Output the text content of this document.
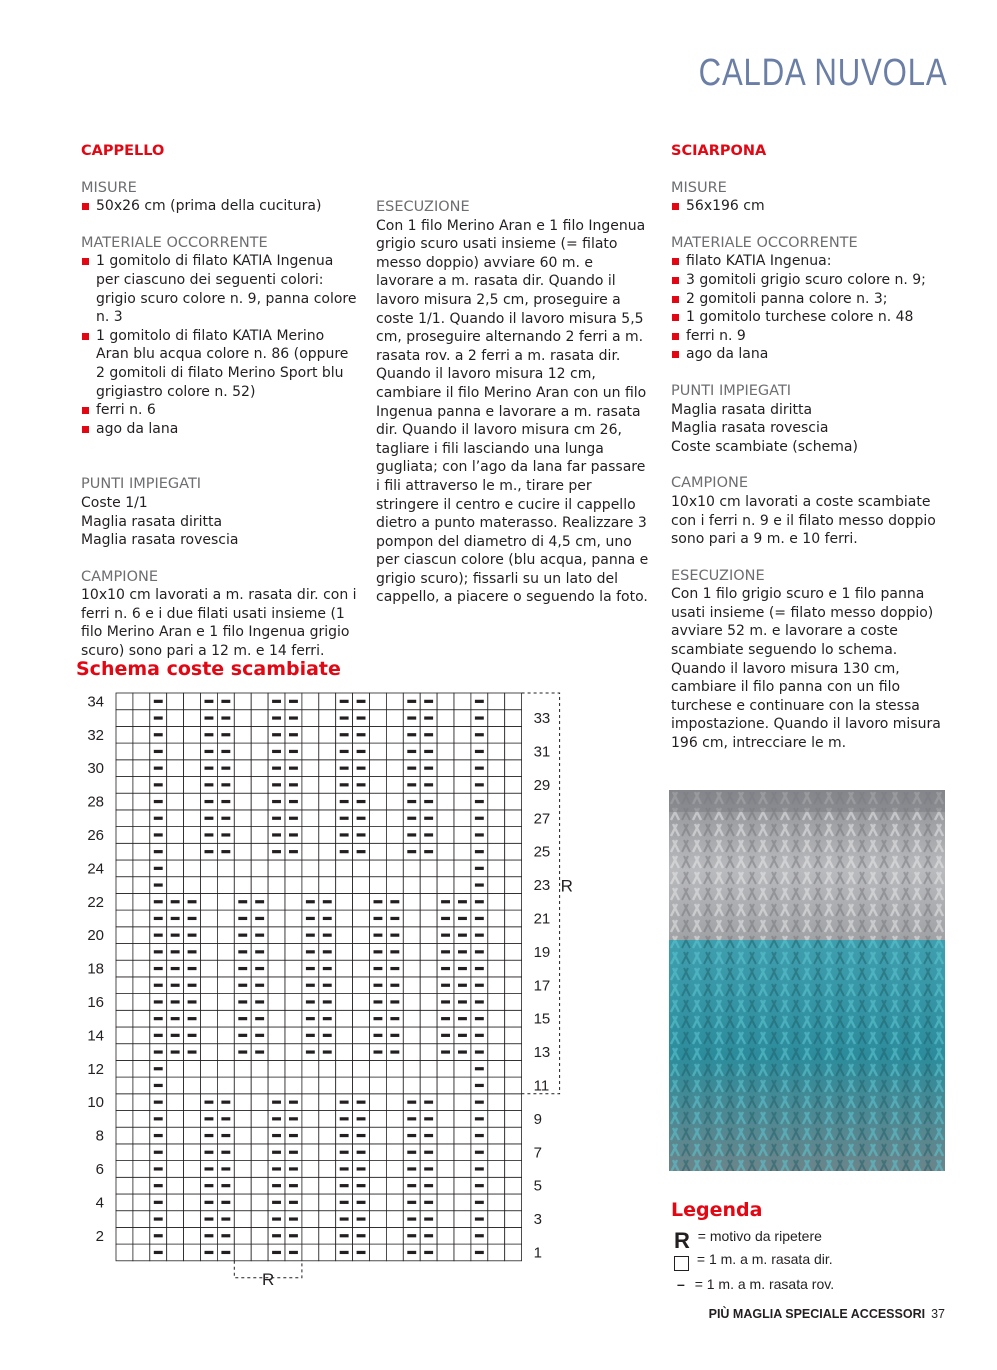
CALDA NUVOLA

CAPPELLO

MISURE

50x26 cm (prima della cucitura)

MATERIALE OCCORRENTE

1 gomitolo di filato KATIA Ingenua per ciascuno dei seguenti colori: grigio scuro colore n. 9, panna colore n. 3

1 gomitolo di filato KATIA Merino Aran blu acqua colore n. 86 (oppure 2 gomitoli di filato Merino Sport blu grigiastro colore n. 52)

ferri n. 6

ago da lana

PUNTI IMPIEGATI

Coste 1/1

Maglia rasata diritta

Maglia rasata rovescia

CAMPIONE

10x10 cm lavorati a m. rasata dir. con i ferri n. 6 e i due filati usati insieme (1 filo Merino Aran e 1 filo Ingenua grigio scuro) sono pari a 12 m. e 14 ferri.

ESECUZIONE

Con 1 filo Merino Aran e 1 filo Ingenua grigio scuro usati insieme (= filato messo doppio) avviare 60 m. e lavorare a m. rasata dir. Quando il lavoro misura 2,5 cm, proseguire a coste 1/1. Quando il lavoro misura 5,5 cm, proseguire alternando 2 ferri a m. rasata rov. a 2 ferri a m. rasata dir. Quando il lavoro misura 12 cm, cambiare il filo Merino Aran con un filo Ingenua panna e lavorare a m. rasata dir. Quando il lavoro misura cm 26, tagliare i fili lasciando una lunga gugliata; con l’ago da lana far passare i fili attraverso le m., tirare per stringere il centro e cucire il cappello dietro a punto materasso. Realizzare 3 pompon del diametro di 4,5 cm, uno per ciascun colore (blu acqua, panna e grigio scuro); fissarli su un lato del cappello, a piacere o seguendo la foto.

SCIARPONA

MISURE

56x196 cm

MATERIALE OCCORRENTE

filato KATIA Ingenua:

3 gomitoli grigio scuro colore n. 9;

2 gomitoli panna colore n. 3;

1 gomitolo turchese colore n. 48

ferri n. 9

ago da lana

PUNTI IMPIEGATI

Maglia rasata diritta

Maglia rasata rovescia

Coste scambiate (schema)

CAMPIONE

10x10 cm lavorati a coste scambiate con i ferri n. 9 e il filato messo doppio sono pari a 9 m. e 10 ferri.

ESECUZIONE

Con 1 filo grigio scuro e 1 filo panna usati insieme (= filato messo doppio) avviare 52 m. e lavorare a coste scambiate seguendo lo schema. Quando il lavoro misura 130 cm, cambiare il filo panna con un filo turchese e continuare con la stessa impostazione. Quando il lavoro misura 196 cm, intrecciare le m.

Schema coste scambiate
34
32
30
28
26
24
22
20
18
16
14
12
10
8
6
4
2
33
31
29
27
25
23
21
19
17
15
13
11
9
7
5
3
1
R
R
Legenda
R = motivo da ripetere
= 1 m. a m. rasata dir.
– = 1 m. a m. rasata rov.
PIÙ MAGLIA SPECIALE ACCESSORI 37
